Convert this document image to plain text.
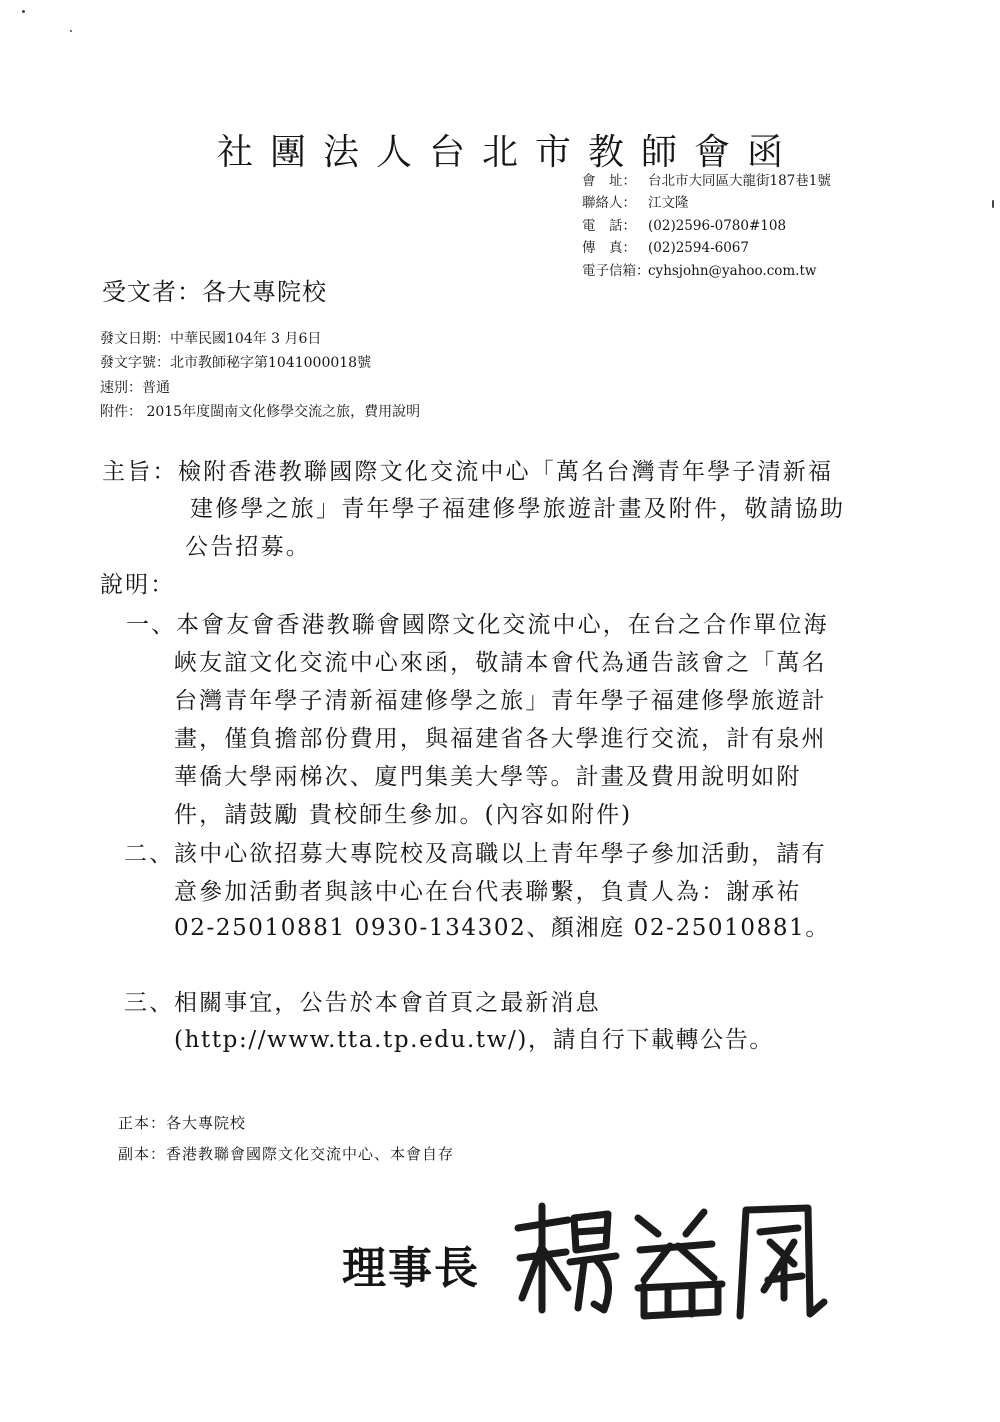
社團法人台北市教師會函
會　址： 台北市大同區大龍街187巷1號
聯絡人： 江文隆
電　話： (02)2596-0780#108
傳　真： (02)2594-6067
電子信箱：cyhsjohn@yahoo.com.tw
受文者：各大專院校
發文日期：中華民國104年 3 月6日
發文字號：北市教師秘字第1041000018號
速別：普通
附件： 2015年度閩南文化修學交流之旅，費用說明
主旨： 檢附香港教聯國際文化交流中心「萬名台灣青年學子清新福
建修學之旅」青年學子福建修學旅遊計畫及附件，敬請協助
公告招募。
說明：
一、 本會友會香港教聯會國際文化交流中心，在台之合作單位海
峽友誼文化交流中心來函，敬請本會代為通告該會之「萬名
台灣青年學子清新福建修學之旅」青年學子福建修學旅遊計
畫，僅負擔部份費用，與福建省各大學進行交流，計有泉州
華僑大學兩梯次、廈門集美大學等。計畫及費用說明如附
件，請鼓勵 貴校師生參加。(內容如附件)
二、 該中心欲招募大專院校及高職以上青年學子參加活動，請有
意參加活動者與該中心在台代表聯繫，負責人為：謝承祐
02-25010881 0930-134302、顏湘庭 02-25010881。
三、 相關事宜，公告於本會首頁之最新消息
(http://www.tta.tp.edu.tw/)，請自行下載轉公告。
正本：各大專院校
副本：香港教聯會國際文化交流中心、本會自存
理事長
